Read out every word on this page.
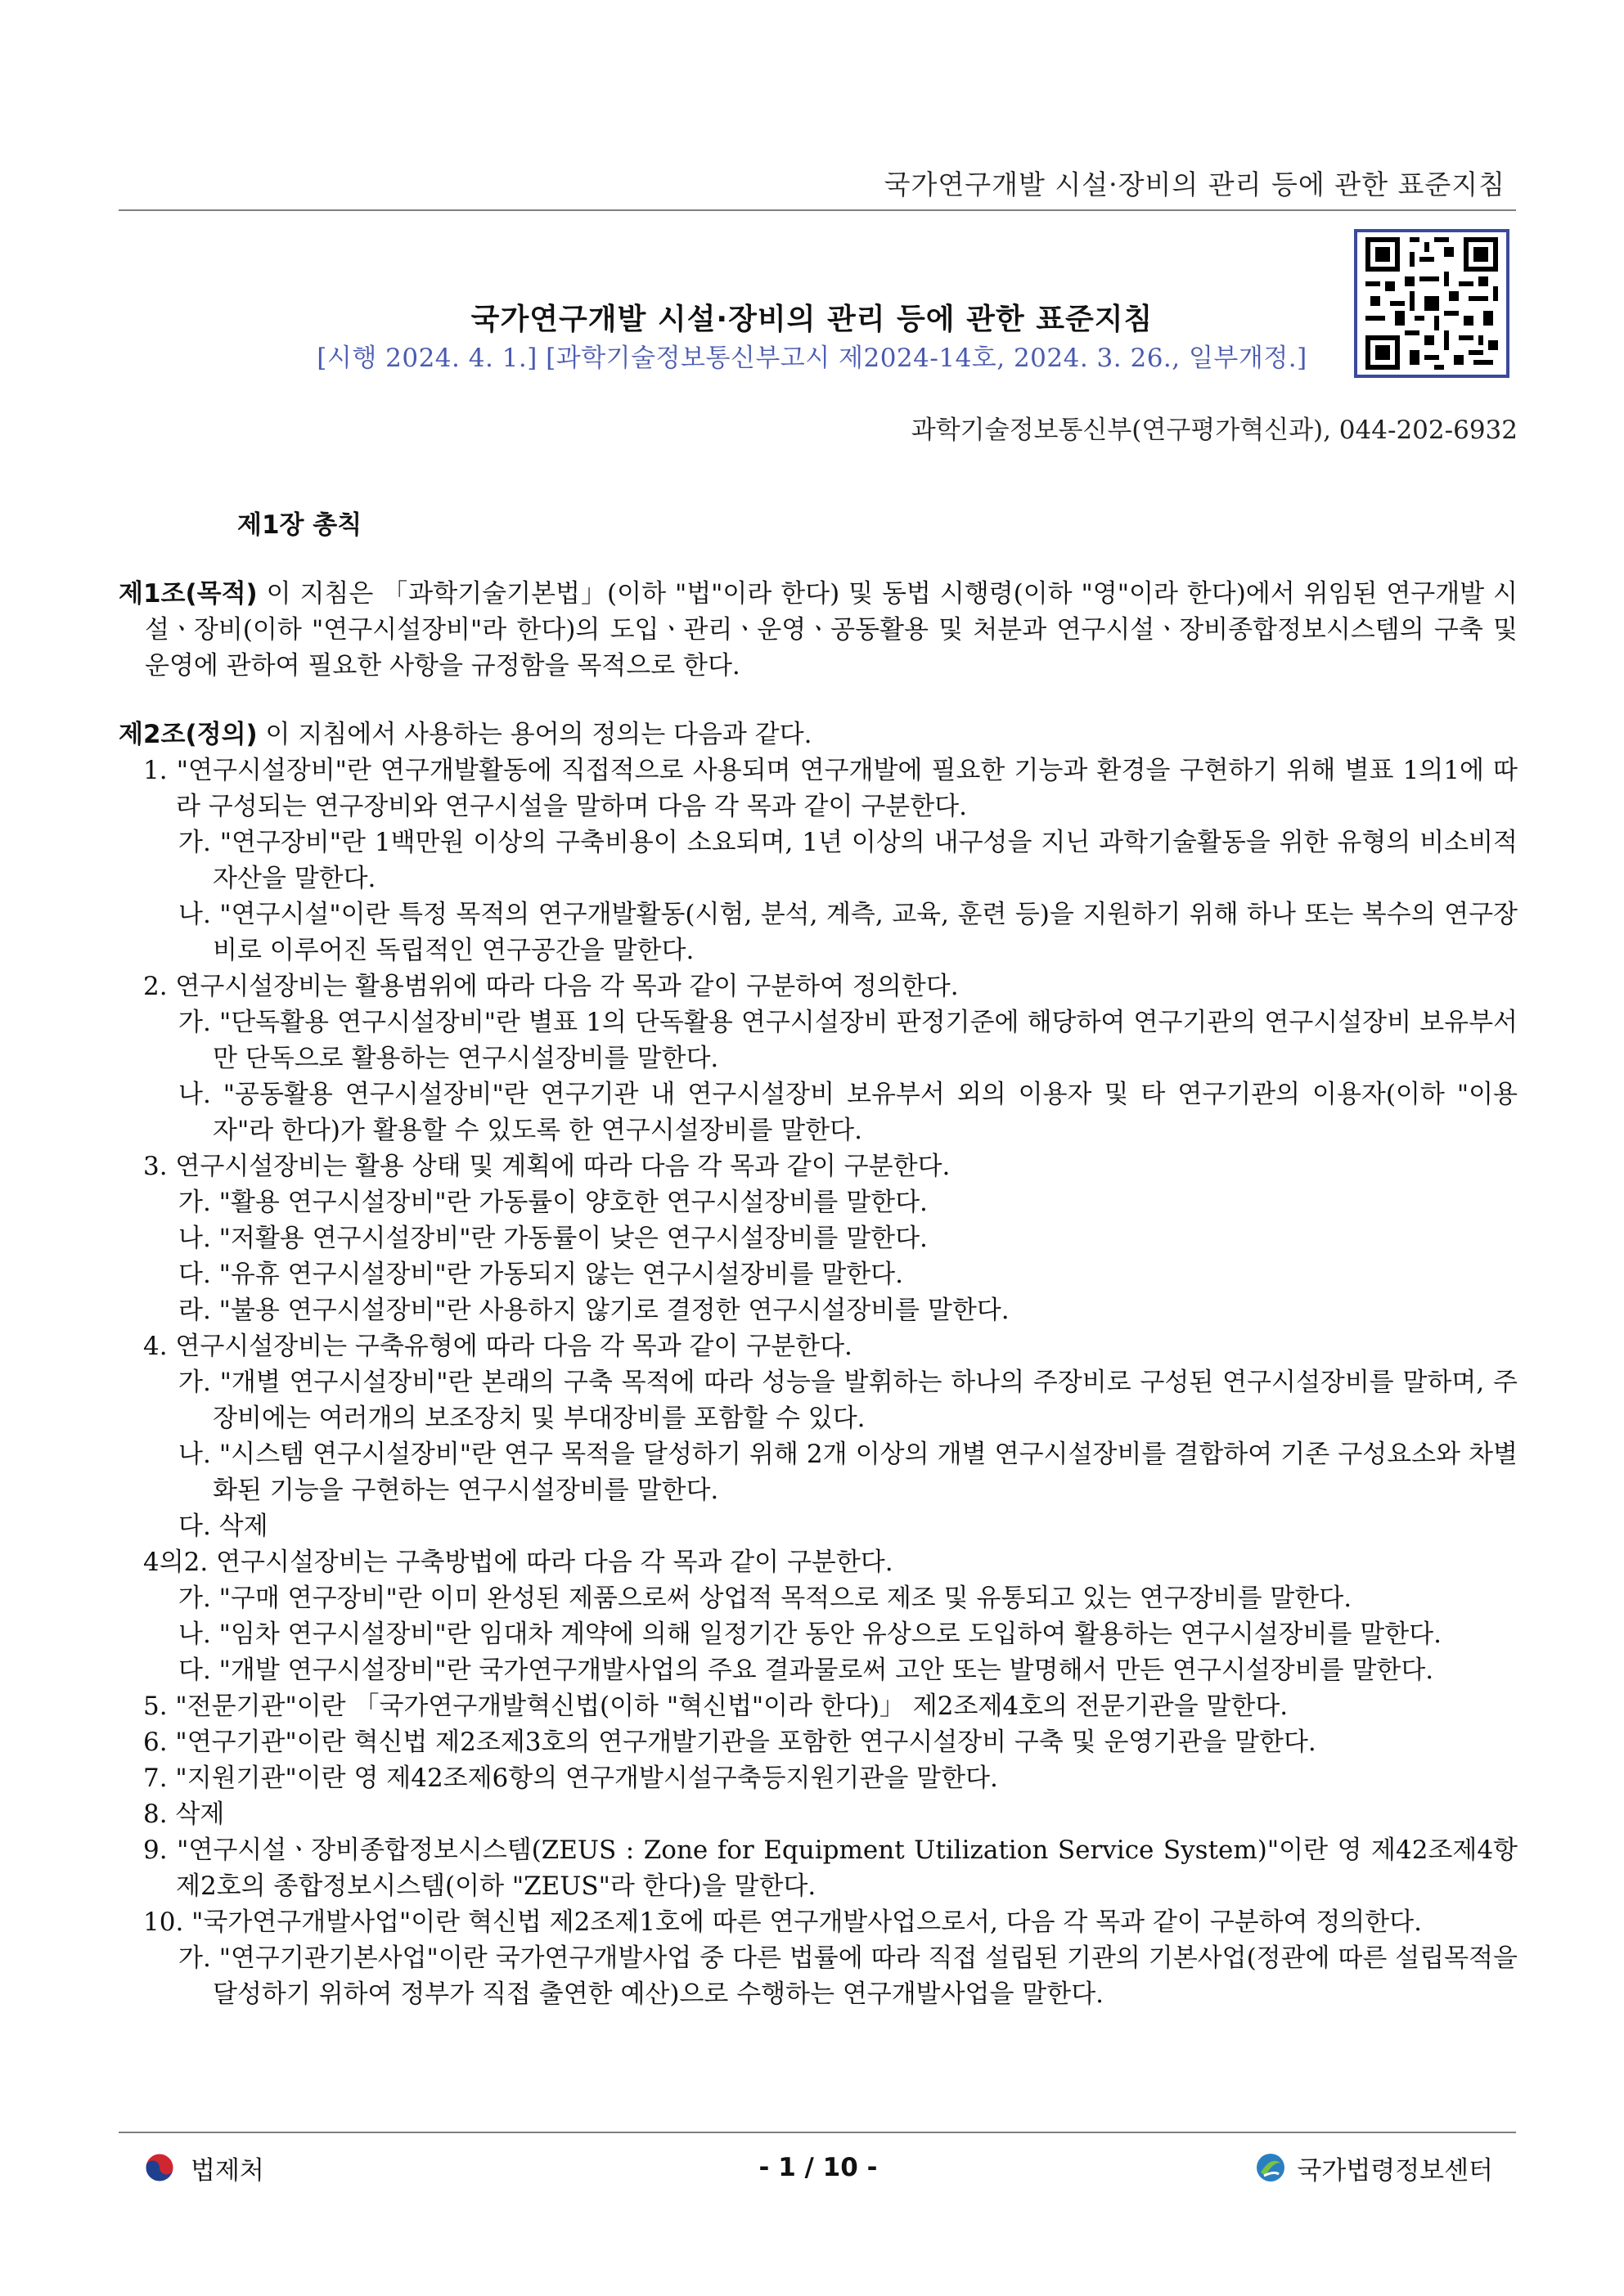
국가연구개발 시설·장비의 관리 등에 관한 표준지침
국가연구개발 시설·장비의 관리 등에 관한 표준지침
[시행 2024. 4. 1.] [과학기술정보통신부고시 제2024-14호, 2024. 3. 26., 일부개정.]
과학기술정보통신부(연구평가혁신과), 044-202-6932
제1장 총칙
제1조(목적) 이 지침은 「과학기술기본법」(이하 "법"이라 한다) 및 동법 시행령(이하 "영"이라 한다)에서 위임된 연구개발 시설ㆍ장비(이하 "연구시설장비"라 한다)의 도입ㆍ관리ㆍ운영ㆍ공동활용 및 처분과 연구시설ㆍ장비종합정보시스템의 구축 및 운영에 관하여 필요한 사항을 규정함을 목적으로 한다.
제2조(정의) 이 지침에서 사용하는 용어의 정의는 다음과 같다.
1. "연구시설장비"란 연구개발활동에 직접적으로 사용되며 연구개발에 필요한 기능과 환경을 구현하기 위해 별표 1의1에 따라 구성되는 연구장비와 연구시설을 말하며 다음 각 목과 같이 구분한다.
가. "연구장비"란 1백만원 이상의 구축비용이 소요되며, 1년 이상의 내구성을 지닌 과학기술활동을 위한 유형의 비소비적 자산을 말한다.
나. "연구시설"이란 특정 목적의 연구개발활동(시험, 분석, 계측, 교육, 훈련 등)을 지원하기 위해 하나 또는 복수의 연구장비로 이루어진 독립적인 연구공간을 말한다.
2. 연구시설장비는 활용범위에 따라 다음 각 목과 같이 구분하여 정의한다.
가. "단독활용 연구시설장비"란 별표 1의 단독활용 연구시설장비 판정기준에 해당하여 연구기관의 연구시설장비 보유부서만 단독으로 활용하는 연구시설장비를 말한다.
나. "공동활용 연구시설장비"란 연구기관 내 연구시설장비 보유부서 외의 이용자 및 타 연구기관의 이용자(이하 "이용자"라 한다)가 활용할 수 있도록 한 연구시설장비를 말한다.
3. 연구시설장비는 활용 상태 및 계획에 따라 다음 각 목과 같이 구분한다.
가. "활용 연구시설장비"란 가동률이 양호한 연구시설장비를 말한다.
나. "저활용 연구시설장비"란 가동률이 낮은 연구시설장비를 말한다.
다. "유휴 연구시설장비"란 가동되지 않는 연구시설장비를 말한다.
라. "불용 연구시설장비"란 사용하지 않기로 결정한 연구시설장비를 말한다.
4. 연구시설장비는 구축유형에 따라 다음 각 목과 같이 구분한다.
가. "개별 연구시설장비"란 본래의 구축 목적에 따라 성능을 발휘하는 하나의 주장비로 구성된 연구시설장비를 말하며, 주장비에는 여러개의 보조장치 및 부대장비를 포함할 수 있다.
나. "시스템 연구시설장비"란 연구 목적을 달성하기 위해 2개 이상의 개별 연구시설장비를 결합하여 기존 구성요소와 차별화된 기능을 구현하는 연구시설장비를 말한다.
다. 삭제
4의2. 연구시설장비는 구축방법에 따라 다음 각 목과 같이 구분한다.
가. "구매 연구장비"란 이미 완성된 제품으로써 상업적 목적으로 제조 및 유통되고 있는 연구장비를 말한다.
나. "임차 연구시설장비"란 임대차 계약에 의해 일정기간 동안 유상으로 도입하여 활용하는 연구시설장비를 말한다.
다. "개발 연구시설장비"란 국가연구개발사업의 주요 결과물로써 고안 또는 발명해서 만든 연구시설장비를 말한다.
5. "전문기관"이란 「국가연구개발혁신법(이하 "혁신법"이라 한다)」 제2조제4호의 전문기관을 말한다.
6. "연구기관"이란 혁신법 제2조제3호의 연구개발기관을 포함한 연구시설장비 구축 및 운영기관을 말한다.
7. "지원기관"이란 영 제42조제6항의 연구개발시설구축등지원기관을 말한다.
8. 삭제
9. "연구시설ㆍ장비종합정보시스템(ZEUS : Zone for Equipment Utilization Service System)"이란 영 제42조제4항제2호의 종합정보시스템(이하 "ZEUS"라 한다)을 말한다.
10. "국가연구개발사업"이란 혁신법 제2조제1호에 따른 연구개발사업으로서, 다음 각 목과 같이 구분하여 정의한다.
가. "연구기관기본사업"이란 국가연구개발사업 중 다른 법률에 따라 직접 설립된 기관의 기본사업(정관에 따른 설립목적을 달성하기 위하여 정부가 직접 출연한 예산)으로 수행하는 연구개발사업을 말한다.
법제처	- 1 / 10 -	국가법령정보센터
